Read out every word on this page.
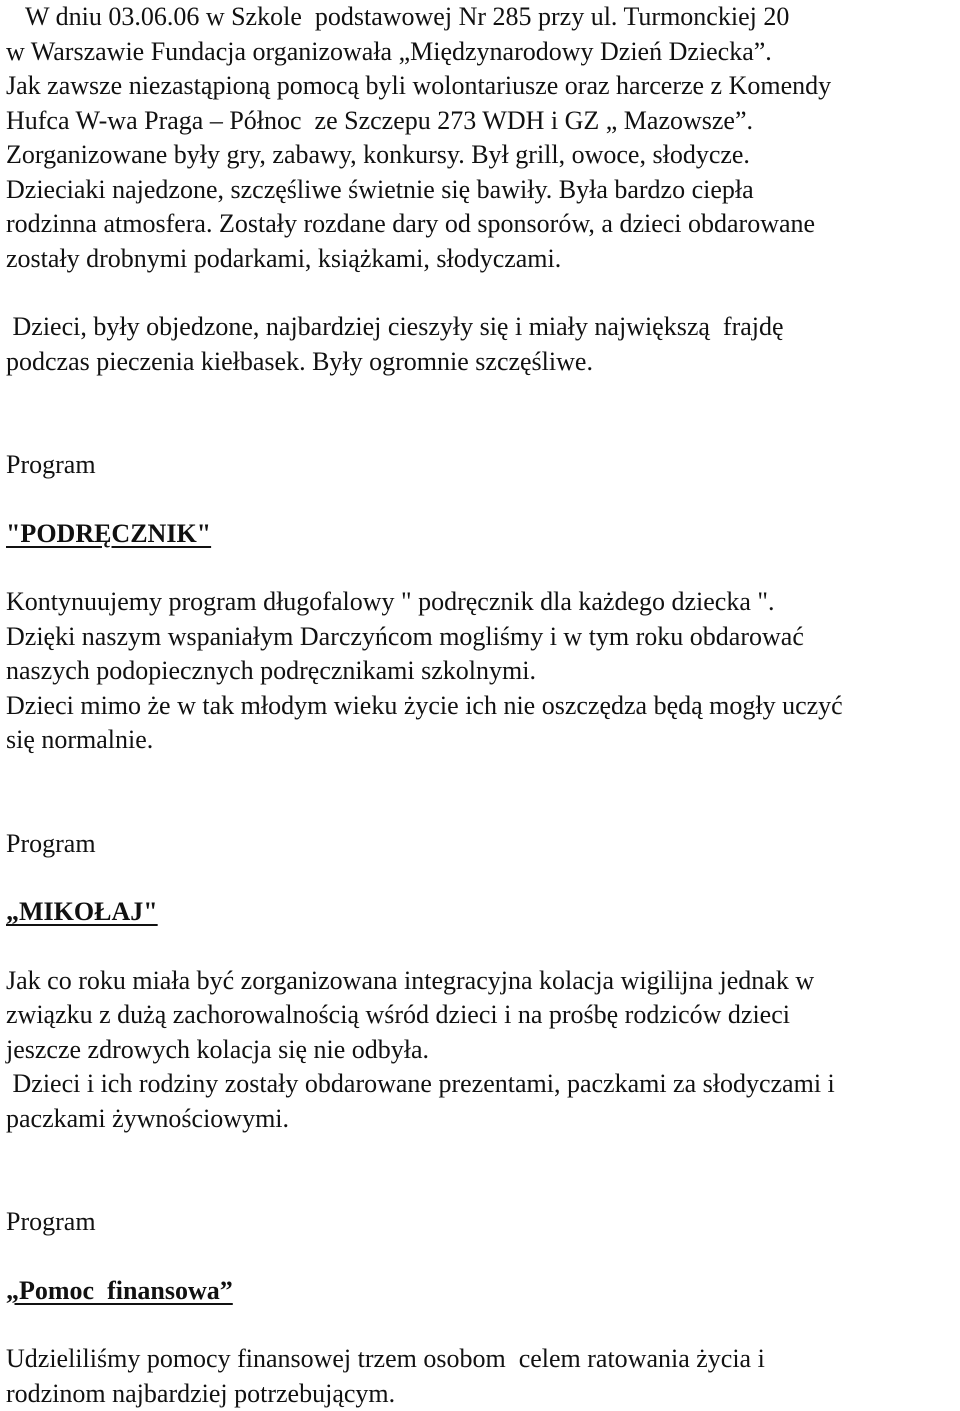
W dniu 03.06.06 w Szkole  podstawowej Nr 285 przy ul. Turmonckiej 20
w Warszawie Fundacja organizowała „Międzynarodowy Dzień Dziecka”.
Jak zawsze niezastąpioną pomocą byli wolontariusze oraz harcerze z Komendy
Hufca W-wa Praga – Północ  ze Szczepu 273 WDH i GZ „ Mazowsze”.
Zorganizowane były gry, zabawy, konkursy. Był grill, owoce, słodycze.
Dzieciaki najedzone, szczęśliwe świetnie się bawiły. Była bardzo ciepła
rodzinna atmosfera. Zostały rozdane dary od sponsorów, a dzieci obdarowane
zostały drobnymi podarkami, książkami, słodyczami.
Dzieci, były objedzone, najbardziej cieszyły się i miały największą  frajdę
podczas pieczenia kiełbasek. Były ogromnie szczęśliwe.
Program
"PODRĘCZNIK"
Kontynuujemy program długofalowy " podręcznik dla każdego dziecka ".
Dzięki naszym wspaniałym Darczyńcom mogliśmy i w tym roku obdarować
naszych podopiecznych podręcznikami szkolnymi.
Dzieci mimo że w tak młodym wieku życie ich nie oszczędza będą mogły uczyć
się normalnie.
Program
„MIKOŁAJ"
Jak co roku miała być zorganizowana integracyjna kolacja wigilijna jednak w
związku z dużą zachorowalnością wśród dzieci i na prośbę rodziców dzieci
jeszcze zdrowych kolacja się nie odbyła.
Dzieci i ich rodziny zostały obdarowane prezentami, paczkami za słodyczami i
paczkami żywnościowymi.
Program
„Pomoc  finansowa”
Udzieliliśmy pomocy finansowej trzem osobom  celem ratowania życia i
rodzinom najbardziej potrzebującym.
